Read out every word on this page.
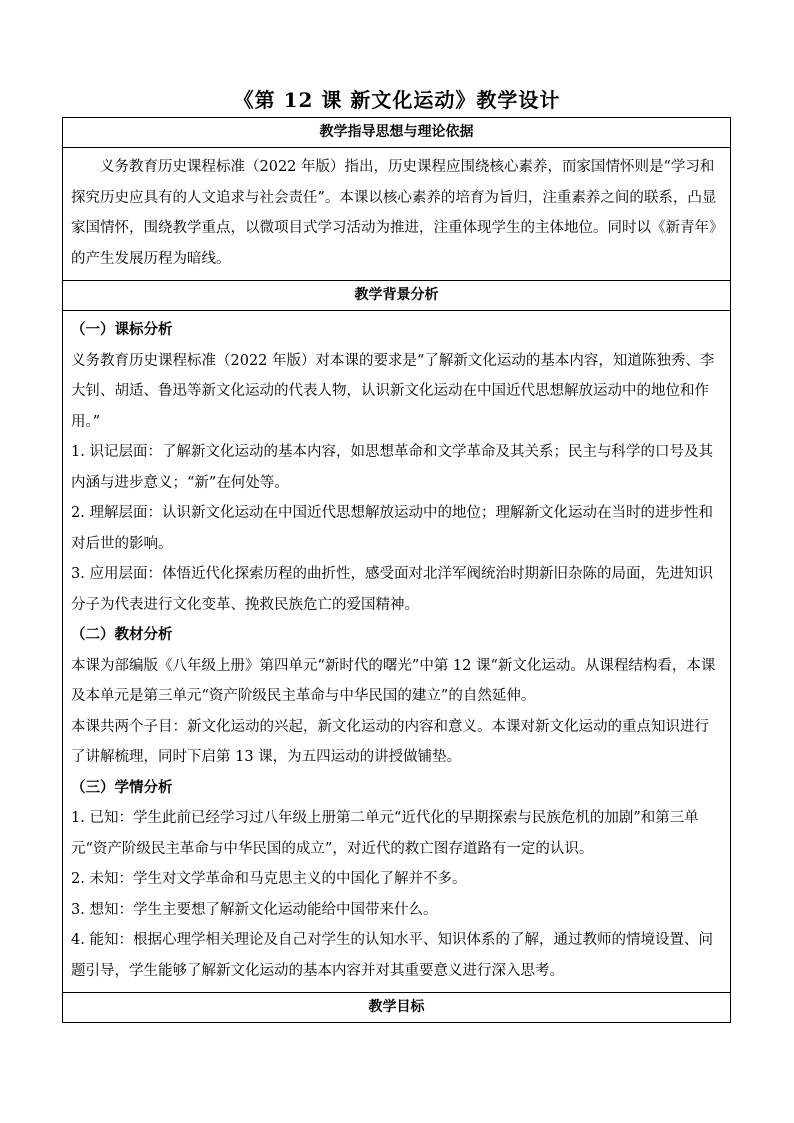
《第 12 课 新文化运动》教学设计
教学指导思想与理论依据

义务教育历史课程标准（2022 年版）指出，历史课程应围绕核心素养，而家国情怀则是“学习和探究历史应具有的人文追求与社会责任”。本课以核心素养的培育为旨归，注重素养之间的联系，凸显家国情怀，围绕教学重点，以微项目式学习活动为推进，注重体现学生的主体地位。同时以《新青年》的产生发展历程为暗线。

教学背景分析

（一）课标分析

义务教育历史课程标准（2022 年版）对本课的要求是“了解新文化运动的基本内容，知道陈独秀、李大钊、胡适、鲁迅等新文化运动的代表人物，认识新文化运动在中国近代思想解放运动中的地位和作用。”

1. 识记层面：了解新文化运动的基本内容，如思想革命和文学革命及其关系；民主与科学的口号及其内涵与进步意义；“新”在何处等。

2. 理解层面：认识新文化运动在中国近代思想解放运动中的地位；理解新文化运动在当时的进步性和对后世的影响。

3. 应用层面：体悟近代化探索历程的曲折性，感受面对北洋军阀统治时期新旧杂陈的局面，先进知识分子为代表进行文化变革、挽救民族危亡的爱国精神。

（二）教材分析

本课为部编版《八年级上册》第四单元“新时代的曙光”中第 12 课“新文化运动。从课程结构看，本课及本单元是第三单元“资产阶级民主革命与中华民国的建立”的自然延伸。

本课共两个子目：新文化运动的兴起，新文化运动的内容和意义。本课对新文化运动的重点知识进行了讲解梳理，同时下启第 13 课，为五四运动的讲授做铺垫。

（三）学情分析

1. 已知：学生此前已经学习过八年级上册第二单元“近代化的早期探索与民族危机的加剧”和第三单元“资产阶级民主革命与中华民国的成立”，对近代的救亡图存道路有一定的认识。

2. 未知：学生对文学革命和马克思主义的中国化了解并不多。

3. 想知：学生主要想了解新文化运动能给中国带来什么。

4. 能知：根据心理学相关理论及自己对学生的认知水平、知识体系的了解，通过教师的情境设置、问题引导，学生能够了解新文化运动的基本内容并对其重要意义进行深入思考。

教学目标
